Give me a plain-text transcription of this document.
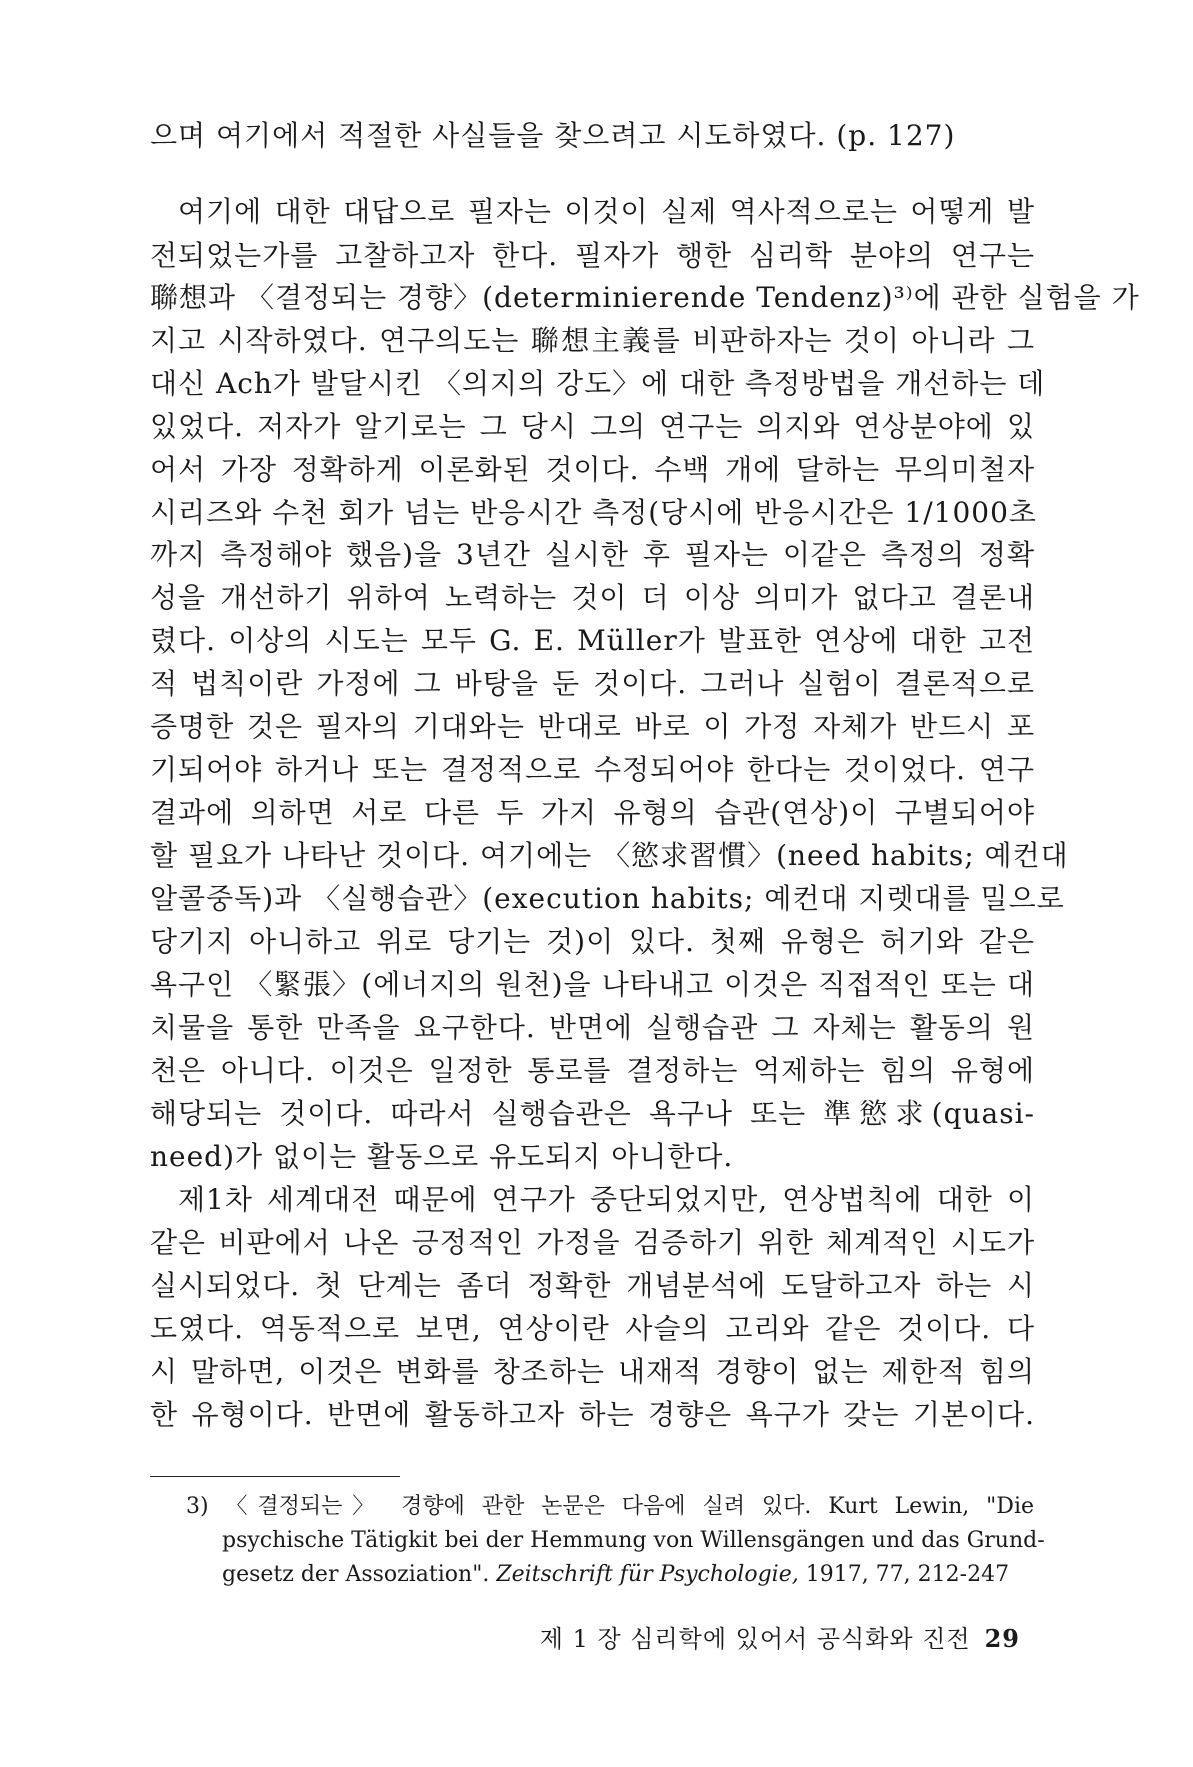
으며 여기에서 적절한 사실들을 찾으려고 시도하였다. (p. 127)
여기에 대한 대답으로 필자는 이것이 실제 역사적으로는 어떻게 발
전되었는가를 고찰하고자 한다. 필자가 행한 심리학 분야의 연구는
聯想과 〈결정되는 경향〉(determinierende Tendenz)³⁾에 관한 실험을 가
지고 시작하였다. 연구의도는 聯想主義를 비판하자는 것이 아니라 그
대신 Ach가 발달시킨 〈의지의 강도〉에 대한 측정방법을 개선하는 데
있었다. 저자가 알기로는 그 당시 그의 연구는 의지와 연상분야에 있
어서 가장 정확하게 이론화된 것이다. 수백 개에 달하는 무의미철자
시리즈와 수천 회가 넘는 반응시간 측정(당시에 반응시간은 1/1000초
까지 측정해야 했음)을 3년간 실시한 후 필자는 이같은 측정의 정확
성을 개선하기 위하여 노력하는 것이 더 이상 의미가 없다고 결론내
렸다. 이상의 시도는 모두 G. E. Müller가 발표한 연상에 대한 고전
적 법칙이란 가정에 그 바탕을 둔 것이다. 그러나 실험이 결론적으로
증명한 것은 필자의 기대와는 반대로 바로 이 가정 자체가 반드시 포
기되어야 하거나 또는 결정적으로 수정되어야 한다는 것이었다. 연구
결과에 의하면 서로 다른 두 가지 유형의 습관(연상)이 구별되어야
할 필요가 나타난 것이다. 여기에는 〈慾求習慣〉(need habits; 예컨대
알콜중독)과 〈실행습관〉(execution habits; 예컨대 지렛대를 밀으로
당기지 아니하고 위로 당기는 것)이 있다. 첫째 유형은 허기와 같은
욕구인 〈緊張〉(에너지의 원천)을 나타내고 이것은 직접적인 또는 대
치물을 통한 만족을 요구한다. 반면에 실행습관 그 자체는 활동의 원
천은 아니다. 이것은 일정한 통로를 결정하는 억제하는 힘의 유형에
해당되는 것이다. 따라서 실행습관은 욕구나 또는 準慾求(quasi-
need)가 없이는 활동으로 유도되지 아니한다.
제1차 세계대전 때문에 연구가 중단되었지만, 연상법칙에 대한 이
같은 비판에서 나온 긍정적인 가정을 검증하기 위한 체계적인 시도가
실시되었다. 첫 단계는 좀더 정확한 개념분석에 도달하고자 하는 시
도였다. 역동적으로 보면, 연상이란 사슬의 고리와 같은 것이다. 다
시 말하면, 이것은 변화를 창조하는 내재적 경향이 없는 제한적 힘의
한 유형이다. 반면에 활동하고자 하는 경향은 욕구가 갖는 기본이다.
3) 〈결정되는〉 경향에 관한 논문은 다음에 실려 있다. Kurt Lewin, "Die
psychische Tätigkit bei der Hemmung von Willensgängen und das Grund-
gesetz der Assoziation". Zeitschrift für Psychologie, 1917, 77, 212-247
제 1 장 심리학에 있어서 공식화와 진전 29
